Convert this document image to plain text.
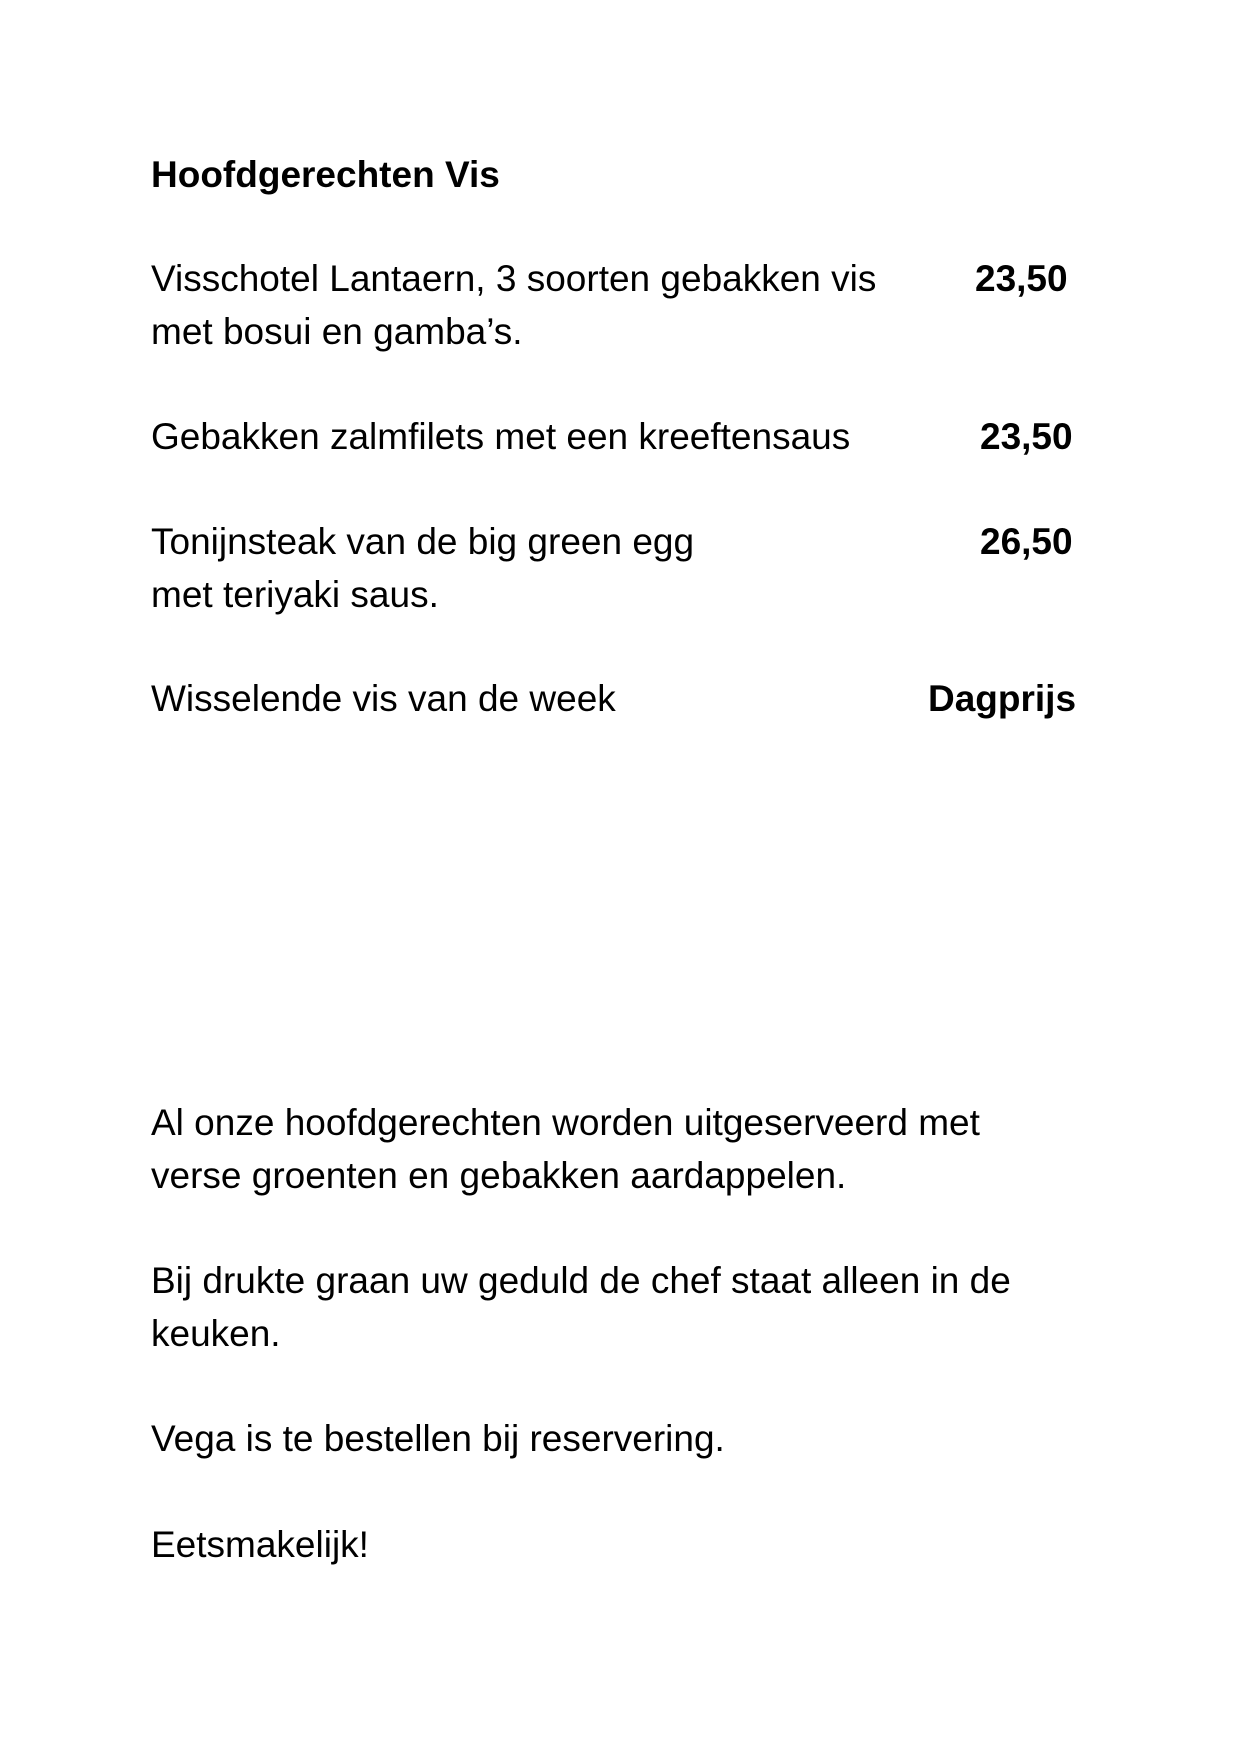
Hoofdgerechten Vis

Visschotel Lantaern, 3 soorten gebakken vis

met bosui en gamba’s.

23,50

Gebakken zalmfilets met een kreeftensaus	23,50

Tonijnsteak van de big green egg

met teriyaki saus.

26,50

Wisselende vis van de week	Dagprijs

Al onze hoofdgerechten worden uitgeserveerd met

verse groenten en gebakken aardappelen.

Bij drukte graan uw geduld de chef staat alleen in de

keuken.

Vega is te bestellen bij reservering.

Eetsmakelijk!
